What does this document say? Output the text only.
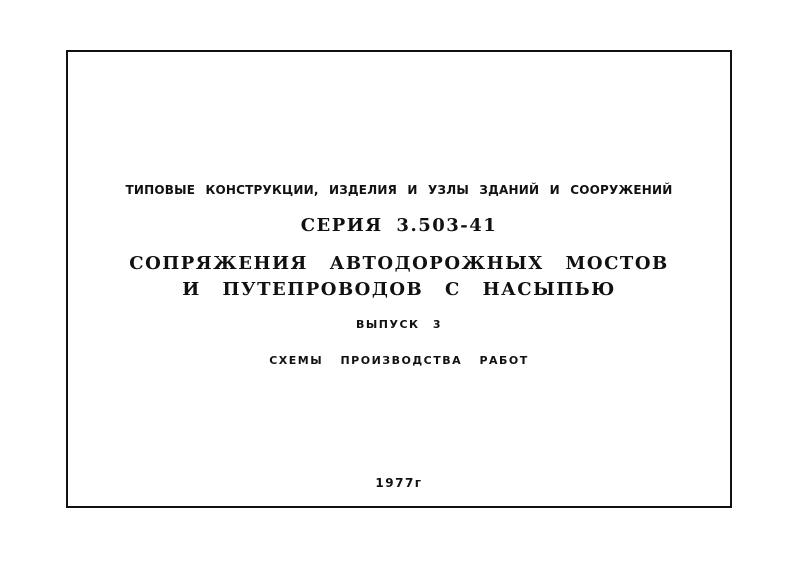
ТИПОВЫЕ КОНСТРУКЦИИ, ИЗДЕЛИЯ И УЗЛЫ ЗДАНИЙ И СООРУЖЕНИЙ
СЕРИЯ 3.503-41
СОПРЯЖЕНИЯ АВТОДОРОЖНЫХ МОСТОВ
И ПУТЕПРОВОДОВ С НАСЫПЬЮ
ВЫПУСК 3
СХЕМЫ ПРОИЗВОДСТВА РАБОТ
1977г
